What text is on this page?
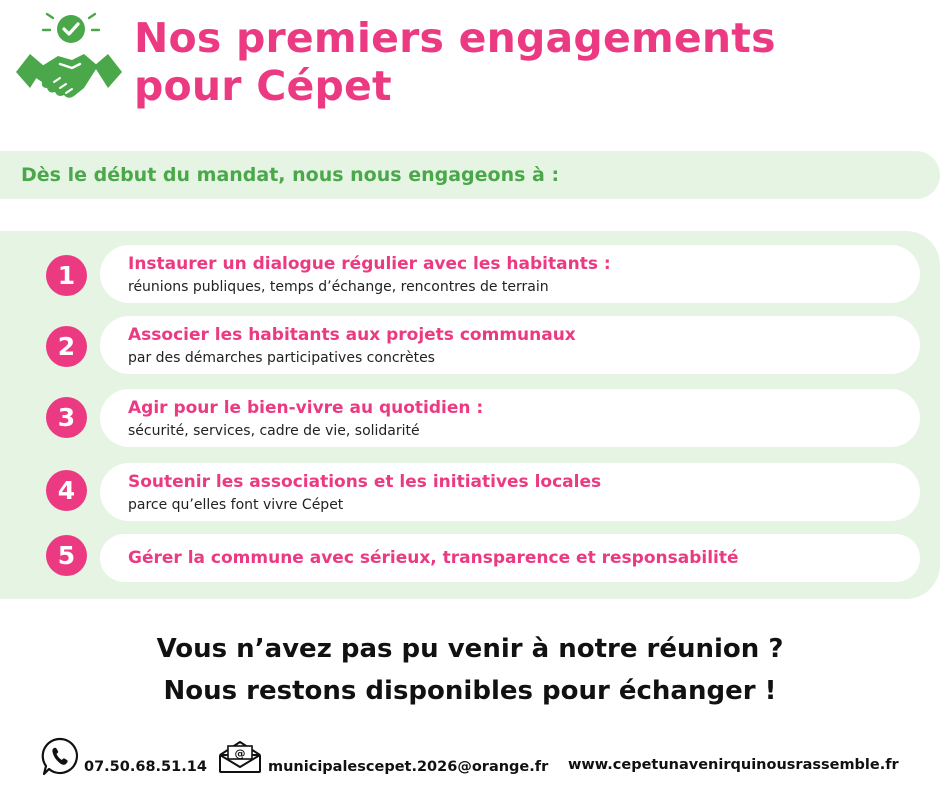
Nos premiers engagements
pour Cépet
Dès le début du mandat, nous nous engageons à :
1	Instaurer un dialogue régulier avec les habitants :
réunions publiques, temps d’échange, rencontres de terrain
2	Associer les habitants aux projets communaux
par des démarches participatives concrètes
3	Agir pour le bien-vivre au quotidien :
sécurité, services, cadre de vie, solidarité
4	Soutenir les associations et les initiatives locales
parce qu’elles font vivre Cépet
5	Gérer la commune avec sérieux, transparence et responsabilité
Vous n’avez pas pu venir à notre réunion ?
Nous restons disponibles pour échanger !
07.50.68.51.14
@
municipalescepet.2026@orange.fr www.cepetunavenirquinousrassemble.fr
